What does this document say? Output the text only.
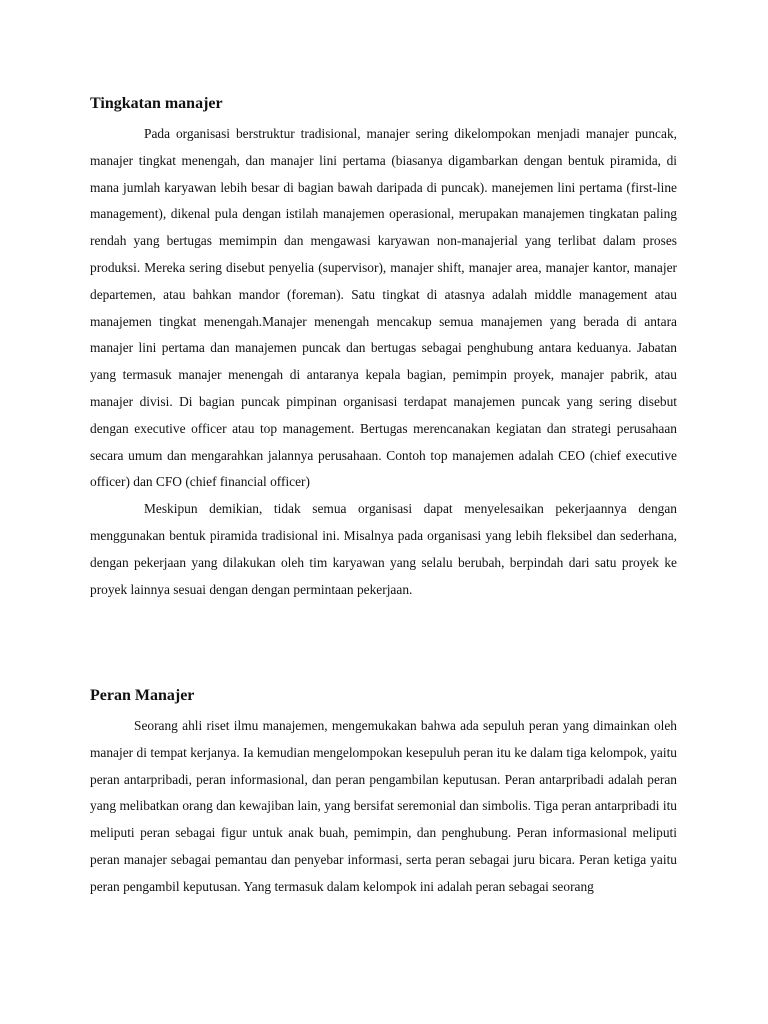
Tingkatan manajer

Pada organisasi berstruktur tradisional, manajer sering dikelompokan menjadi manajer puncak, manajer tingkat menengah, dan manajer lini pertama (biasanya digambarkan dengan bentuk piramida, di mana jumlah karyawan lebih besar di bagian bawah daripada di puncak). manejemen lini pertama (first-line management), dikenal pula dengan istilah manajemen operasional, merupakan manajemen tingkatan paling rendah yang bertugas memimpin dan mengawasi karyawan non-manajerial yang terlibat dalam proses produksi. Mereka sering disebut penyelia (supervisor), manajer shift, manajer area, manajer kantor, manajer departemen, atau bahkan mandor (foreman). Satu tingkat di atasnya adalah middle management atau manajemen tingkat menengah.Manajer menengah mencakup semua manajemen yang berada di antara manajer lini pertama dan manajemen puncak dan bertugas sebagai penghubung antara keduanya. Jabatan yang termasuk manajer menengah di antaranya kepala bagian, pemimpin proyek, manajer pabrik, atau manajer divisi. Di bagian puncak pimpinan organisasi terdapat manajemen puncak yang sering disebut dengan executive officer atau top management. Bertugas merencanakan kegiatan dan strategi perusahaan secara umum dan mengarahkan jalannya perusahaan. Contoh top manajemen adalah CEO (chief executive officer) dan CFO (chief financial officer)

Meskipun demikian, tidak semua organisasi dapat menyelesaikan pekerjaannya dengan menggunakan bentuk piramida tradisional ini. Misalnya pada organisasi yang lebih fleksibel dan sederhana, dengan pekerjaan yang dilakukan oleh tim karyawan yang selalu berubah, berpindah dari satu proyek ke proyek lainnya sesuai dengan dengan permintaan pekerjaan.

Peran Manajer

Seorang ahli riset ilmu manajemen, mengemukakan bahwa ada sepuluh peran yang dimainkan oleh manajer di tempat kerjanya. Ia kemudian mengelompokan kesepuluh peran itu ke dalam tiga kelompok, yaitu peran antarpribadi, peran informasional, dan peran pengambilan keputusan. Peran antarpribadi adalah peran yang melibatkan orang dan kewajiban lain, yang bersifat seremonial dan simbolis. Tiga peran antarpribadi itu meliputi peran sebagai figur untuk anak buah, pemimpin, dan penghubung. Peran informasional meliputi peran manajer sebagai pemantau dan penyebar informasi, serta peran sebagai juru bicara. Peran ketiga yaitu peran pengambil keputusan. Yang termasuk dalam kelompok ini adalah peran sebagai seorang
